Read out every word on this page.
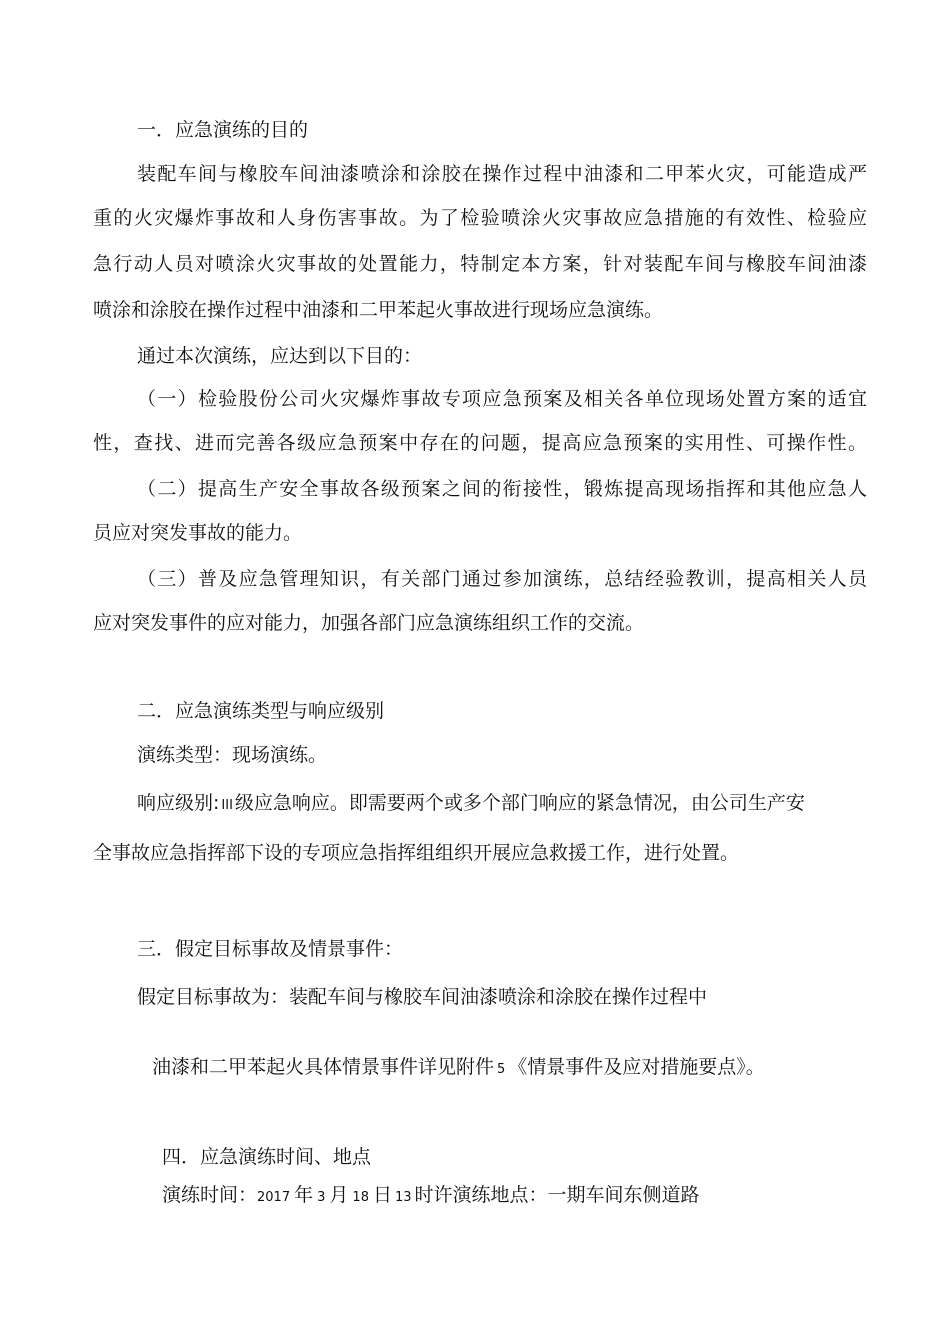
一．应急演练的目的
装配车间与橡胶车间油漆喷涂和涂胶在操作过程中油漆和二甲苯火灾，可能造成严
重的火灾爆炸事故和人身伤害事故。为了检验喷涂火灾事故应急措施的有效性、检验应
急行动人员对喷涂火灾事故的处置能力，特制定本方案，针对装配车间与橡胶车间油漆
喷涂和涂胶在操作过程中油漆和二甲苯起火事故进行现场应急演练。
通过本次演练，应达到以下目的：
（一）检验股份公司火灾爆炸事故专项应急预案及相关各单位现场处置方案的适宜
性，查找、进而完善各级应急预案中存在的问题，提高应急预案的实用性、可操作性。
（二）提高生产安全事故各级预案之间的衔接性，锻炼提高现场指挥和其他应急人
员应对突发事故的能力。
（三）普及应急管理知识，有关部门通过参加演练，总结经验教训，提高相关人员
应对突发事件的应对能力，加强各部门应急演练组织工作的交流。
二．应急演练类型与响应级别
演练类型：现场演练。
响应级别: III 级应急响应。即需要两个或多个部门响应的紧急情况，由公司生产安
全事故应急指挥部下设的专项应急指挥组组织开展应急救援工作，进行处置。
三．假定目标事故及情景事件：
假定目标事故为：装配车间与橡胶车间油漆喷涂和涂胶在操作过程中
油漆和二甲苯起火具体情景事件详见附件 5 《情景事件及应对措施要点》。
四．应急演练时间、地点
演练时间：2017 年 3 月 18 日 13 时许演练地点：一期车间东侧道路
